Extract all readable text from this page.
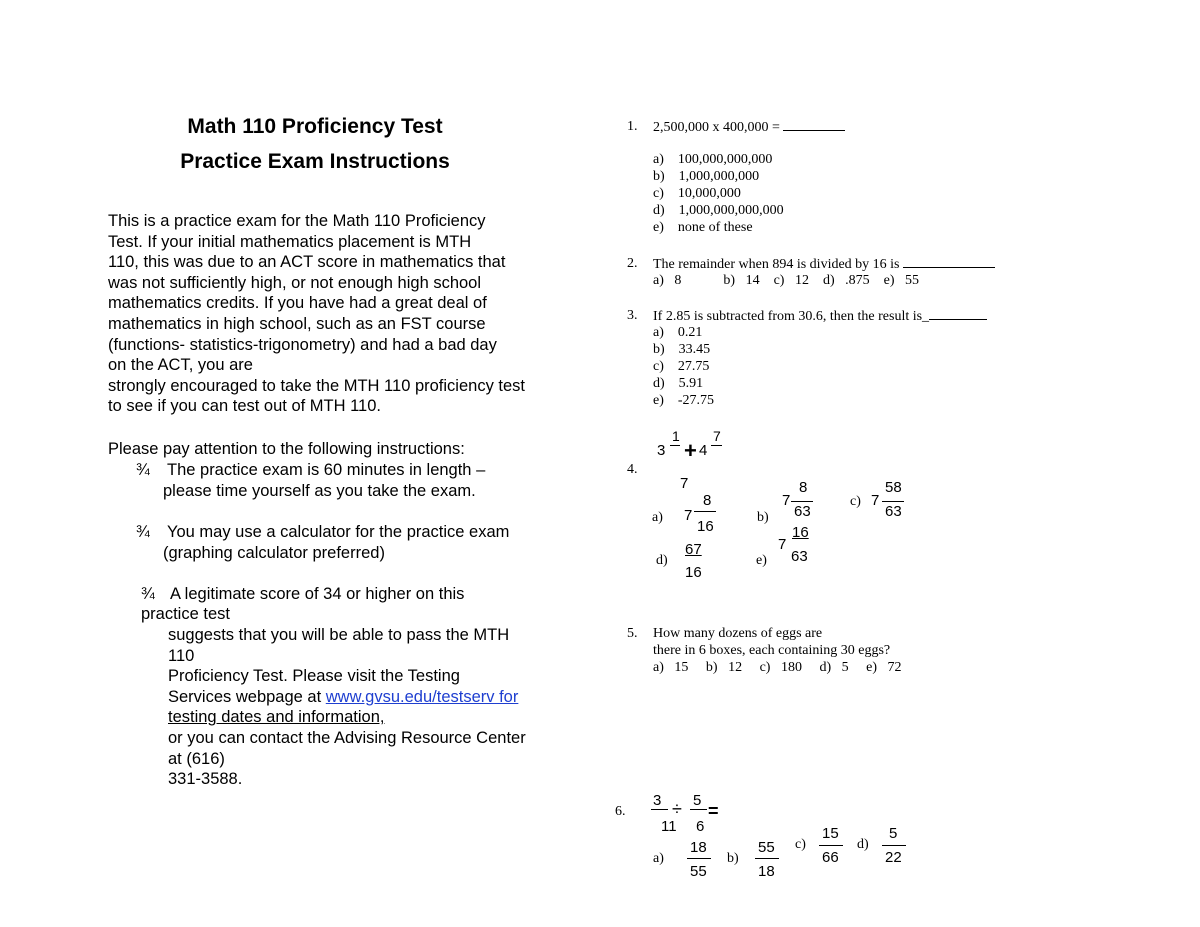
Math 110 Proficiency Test
Practice Exam Instructions
This is a practice exam for the Math 110 Proficiency
Test. If your initial mathematics placement is MTH
110, this was due to an ACT score in mathematics that
was not sufficiently high, or not enough high school
mathematics credits. If you have had a great deal of
mathematics in high school, such as an FST course
(functions- statistics-trigonometry) and had a bad day
on the ACT, you are
strongly encouraged to take the MTH 110 proficiency test
to see if you can test out of MTH 110.
Please pay attention to the following instructions:
¾ The practice exam is 60 minutes in length –
please time yourself as you take the exam.
¾ You may use a calculator for the practice exam
(graphing calculator preferred)
¾ A legitimate score of 34 or higher on this
practice test
suggests that you will be able to pass the MTH
110
Proficiency Test. Please visit the Testing
Services webpage at www.gvsu.edu/testserv for
testing dates and information,
or you can contact the Advising Resource Center
at (616)
331-3588.
1. 2,500,000 x 400,000 =
a) 100,000,000,000
b) 1,000,000,000
c) 10,000,000
d) 1,000,000,000,000
e) none of these
2. The remainder when 894 is divided by 16 is
a) 8	b) 14 c) 12 d) .875 e) 55
3. If 2.85 is subtracted from 30.6, then the result is_
a) 0.21
b) 33.45
c) 27.75
d) 5.91
e) -27.75
3
1
+ 4
7
4.
7
a) 7
8
16
b)
7
8
63
c) 7
58
63
d)
67
16
e)
7
16
63
5. How many dozens of eggs are
there in 6 boxes, each containing 30 eggs?
a) 15 b) 12 c) 180 d) 5 e) 72
6.
3
11
÷ 5
6
=
a)
18
55
b)
55
18
c)
15
66
d)
5
22
